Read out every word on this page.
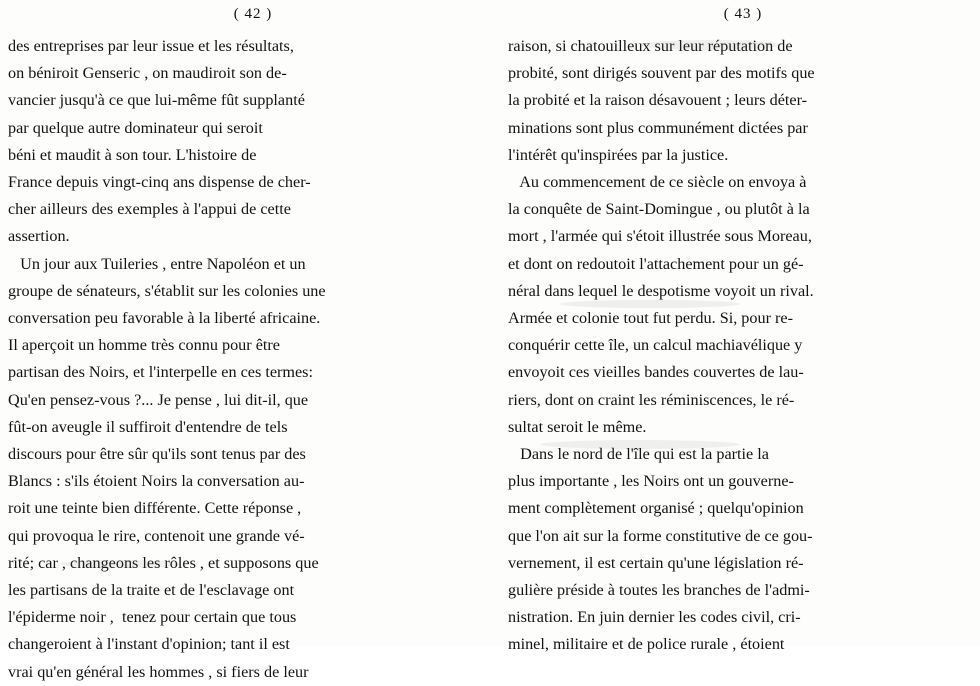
( 42 )
des entreprises par leur issue et les résultats,
on béniroit Genseric , on maudiroit son de-
vancier jusqu'à ce que lui-même fût supplanté
par quelque autre dominateur qui seroit
béni et maudit à son tour. L'histoire de
France depuis vingt-cinq ans dispense de cher-
cher ailleurs des exemples à l'appui de cette
assertion.
Un jour aux Tuileries , entre Napoléon et un
groupe de sénateurs, s'établit sur les colonies une
conversation peu favorable à la liberté africaine.
Il aperçoit un homme très connu pour être
partisan des Noirs, et l'interpelle en ces termes:
Qu'en pensez-vous ?... Je pense , lui dit-il, que
fût-on aveugle il suffiroit d'entendre de tels
discours pour être sûr qu'ils sont tenus par des
Blancs : s'ils étoient Noirs la conversation au-
roit une teinte bien différente. Cette réponse ,
qui provoqua le rire, contenoit une grande vé-
rité; car , changeons les rôles , et supposons que
les partisans de la traite et de l'esclavage ont
l'épiderme noir ,  tenez pour certain que tous
changeroient à l'instant d'opinion; tant il est
vrai qu'en général les hommes , si fiers de leur
( 43 )
raison, si chatouilleux sur leur réputation de
probité, sont dirigés souvent par des motifs que
la probité et la raison désavouent ; leurs déter-
minations sont plus communément dictées par
l'intérêt qu'inspirées par la justice.
Au commencement de ce siècle on envoya à
la conquête de Saint-Domingue , ou plutôt à la
mort , l'armée qui s'étoit illustrée sous Moreau,
et dont on redoutoit l'attachement pour un gé-
néral dans lequel le despotisme voyoit un rival.
Armée et colonie tout fut perdu. Si, pour re-
conquérir cette île, un calcul machiavélique y
envoyoit ces vieilles bandes couvertes de lau-
riers, dont on craint les réminiscences, le ré-
sultat seroit le même.
Dans le nord de l'île qui est la partie la
plus importante , les Noirs ont un gouverne-
ment complètement organisé ; quelqu'opinion
que l'on ait sur la forme constitutive de ce gou-
vernement, il est certain qu'une législation ré-
gulière préside à toutes les branches de l'admi-
nistration. En juin dernier les codes civil, cri-
minel, militaire et de police rurale , étoient
